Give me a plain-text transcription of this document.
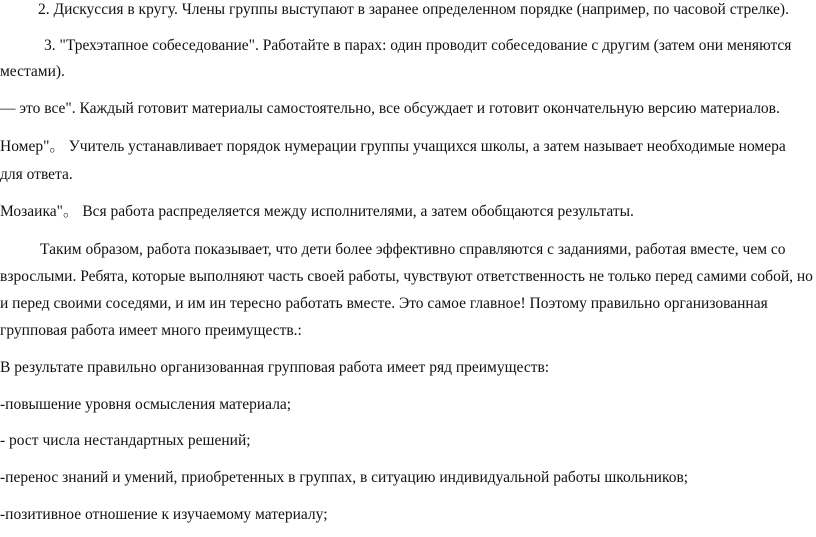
2. Дискуссия в кругу. Члены группы выступают в заранее определенном порядке (например, по часовой стрелке).
3. "Трехэтапное собеседование". Работайте в парах: один проводит собеседование с другим (затем они меняются
местами).
— это все". Каждый готовит материалы самостоятельно, все обсуждает и готовит окончательную версию материалов.
Номер"。 Учитель устанавливает порядок нумерации группы учащихся школы, а затем называет необходимые номера
для ответа.
Мозаика"。 Вся работа распределяется между исполнителями, а затем обобщаются результаты.
Таким образом, работа показывает, что дети более эффективно справляются с заданиями, работая вместе, чем со
взрослыми. Ребята, которые выполняют часть своей работы, чувствуют ответственность не только перед самими собой, но
и перед своими соседями, и им ин тересно работать вместе. Это самое главное! Поэтому правильно организованная
групповая работа имеет много преимуществ.:
В результате правильно организованная групповая работа имеет ряд преимуществ:
-повышение уровня осмысления материала;
- рост числа нестандартных решений;
-перенос знаний и умений, приобретенных в группах, в ситуацию индивидуальной работы школьников;
-позитивное отношение к изучаемому материалу;
